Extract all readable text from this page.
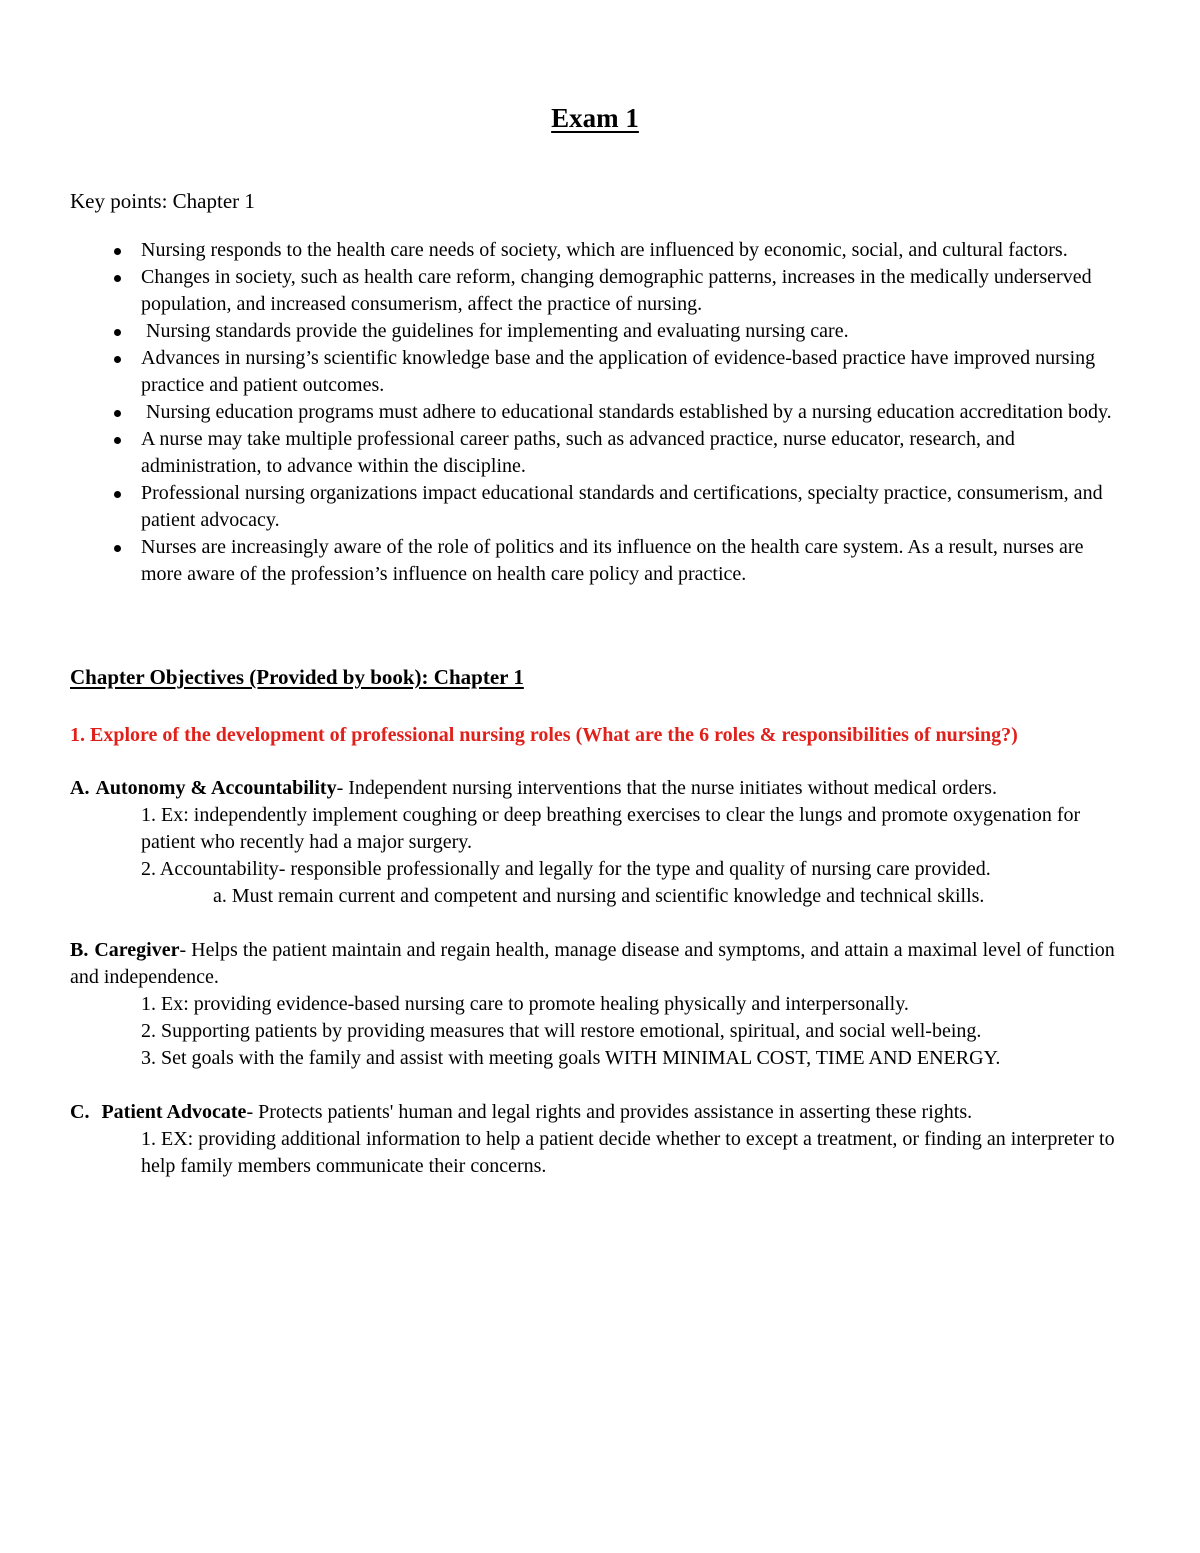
Exam 1
Key points: Chapter 1
Nursing responds to the health care needs of society, which are influenced by economic, social, and cultural factors.
Changes in society, such as health care reform, changing demographic patterns, increases in the medically underserved population, and increased consumerism, affect the practice of nursing.
Nursing standards provide the guidelines for implementing and evaluating nursing care.
Advances in nursing’s scientific knowledge base and the application of evidence-based practice have improved nursing practice and patient outcomes.
Nursing education programs must adhere to educational standards established by a nursing education accreditation body.
A nurse may take multiple professional career paths, such as advanced practice, nurse educator, research, and administration, to advance within the discipline.
Professional nursing organizations impact educational standards and certifications, specialty practice, consumerism, and patient advocacy.
Nurses are increasingly aware of the role of politics and its influence on the health care system. As a result, nurses are more aware of the profession’s influence on health care policy and practice.
Chapter Objectives (Provided by book): Chapter 1
1. Explore of the development of professional nursing roles (What are the 6 roles & responsibilities of nursing?)

A. Autonomy & Accountability- Independent nursing interventions that the nurse initiates without medical orders.

1. Ex: independently implement coughing or deep breathing exercises to clear the lungs and promote oxygenation for patient who recently had a major surgery.

2. Accountability- responsible professionally and legally for the type and quality of nursing care provided.

a. Must remain current and competent and nursing and scientific knowledge and technical skills.

B. Caregiver- Helps the patient maintain and regain health, manage disease and symptoms, and attain a maximal level of function and independence.

1. Ex: providing evidence-based nursing care to promote healing physically and interpersonally.

2. Supporting patients by providing measures that will restore emotional, spiritual, and social well-being.

3. Set goals with the family and assist with meeting goals WITH MINIMAL COST, TIME AND ENERGY.

C. Patient Advocate- Protects patients' human and legal rights and provides assistance in asserting these rights.

1. EX: providing additional information to help a patient decide whether to except a treatment, or finding an interpreter to help family members communicate their concerns.
